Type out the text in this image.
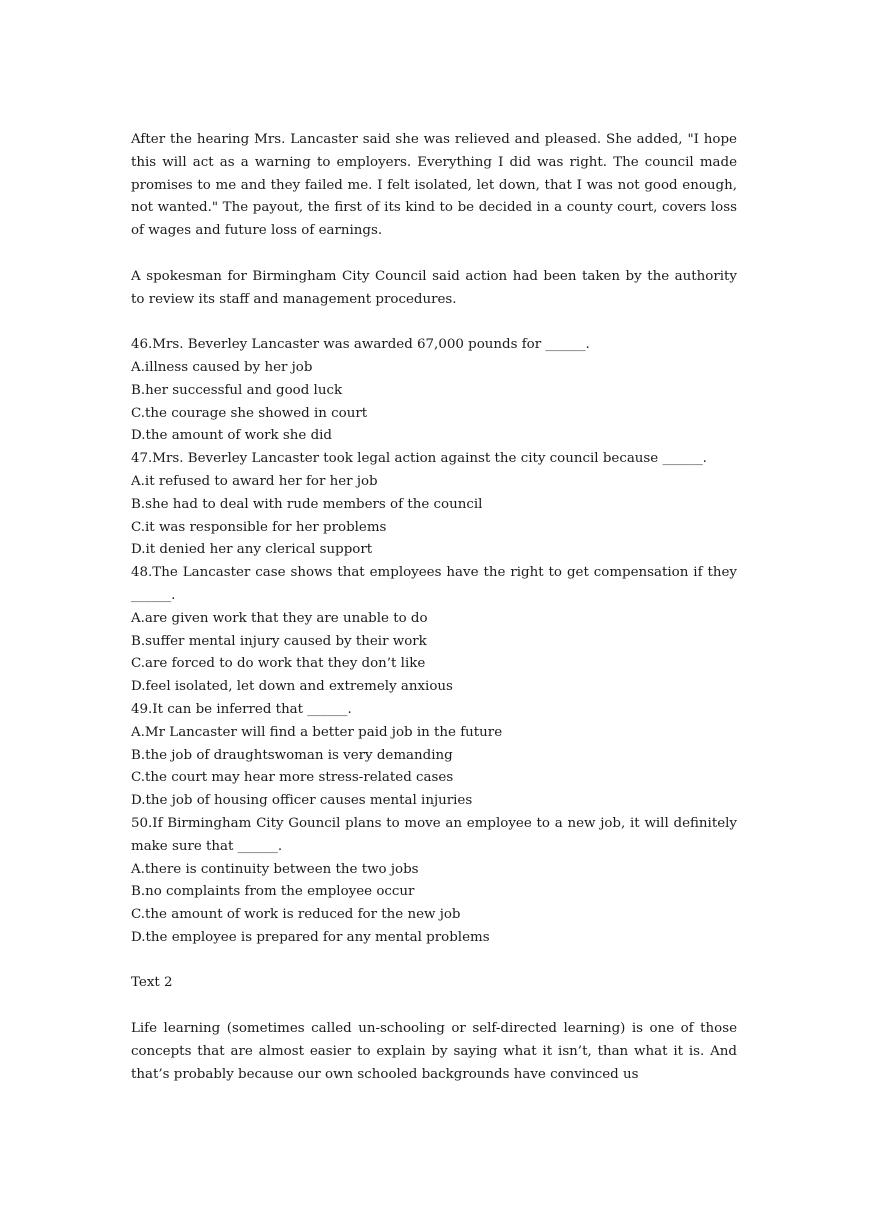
After the hearing Mrs. Lancaster said she was relieved and pleased. She added, "I hope this will act as a warning to employers. Everything I did was right. The council made promises to me and they failed me. I felt isolated, let down, that I was not good enough, not wanted." The payout, the first of its kind to be decided in a county court, covers loss of wages and future loss of earnings.

A spokesman for Birmingham City Council said action had been taken by the authority to review its staff and management procedures.

46.Mrs. Beverley Lancaster was awarded 67,000 pounds for ______.

A.illness caused by her job

B.her successful and good luck

C.the courage she showed in court

D.the amount of work she did

47.Mrs. Beverley Lancaster took legal action against the city council because ______.

A.it refused to award her for her job

B.she had to deal with rude members of the council

C.it was responsible for her problems

D.it denied her any clerical support

48.The Lancaster case shows that employees have the right to get compensation if they ______.

A.are given work that they are unable to do

B.suffer mental injury caused by their work

C.are forced to do work that they don’t like

D.feel isolated, let down and extremely anxious

49.It can be inferred that ______.

A.Mr Lancaster will find a better paid job in the future

B.the job of draughtswoman is very demanding

C.the court may hear more stress-related cases

D.the job of housing officer causes mental injuries

50.If Birmingham City Gouncil plans to move an employee to a new job, it will definitely make sure that ______.

A.there is continuity between the two jobs

B.no complaints from the employee occur

C.the amount of work is reduced for the new job

D.the employee is prepared for any mental problems

Text 2

Life learning (sometimes called un-schooling or self-directed learning) is one of those concepts that are almost easier to explain by saying what it isn’t, than what it is. And that’s probably because our own schooled backgrounds have convinced us
